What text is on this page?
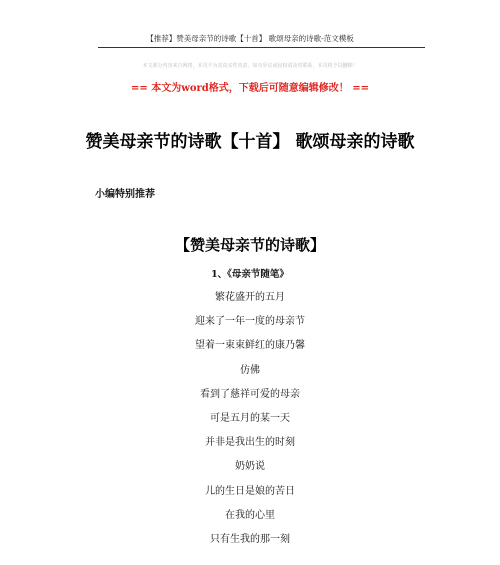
【推荐】赞美母亲节的诗歌【十首】 歌颂母亲的诗歌-范文模板
本文部分内容来自网络，本司不为其真实性负责，如有异议或侵权请及时联系，本司将予以删除！
== 本文为word格式，下载后可随意编辑修改！ ==
赞美母亲节的诗歌【十首】 歌颂母亲的诗歌
小编特别推荐
【赞美母亲节的诗歌】
1、《母亲节随笔》
繁花盛开的五月
迎来了一年一度的母亲节
望着一束束鲜红的康乃馨
仿佛
看到了慈祥可爱的母亲
可是五月的某一天
并非是我出生的时刻
奶奶说
儿的生日是娘的苦日
在我的心里
只有生我的那一刻
